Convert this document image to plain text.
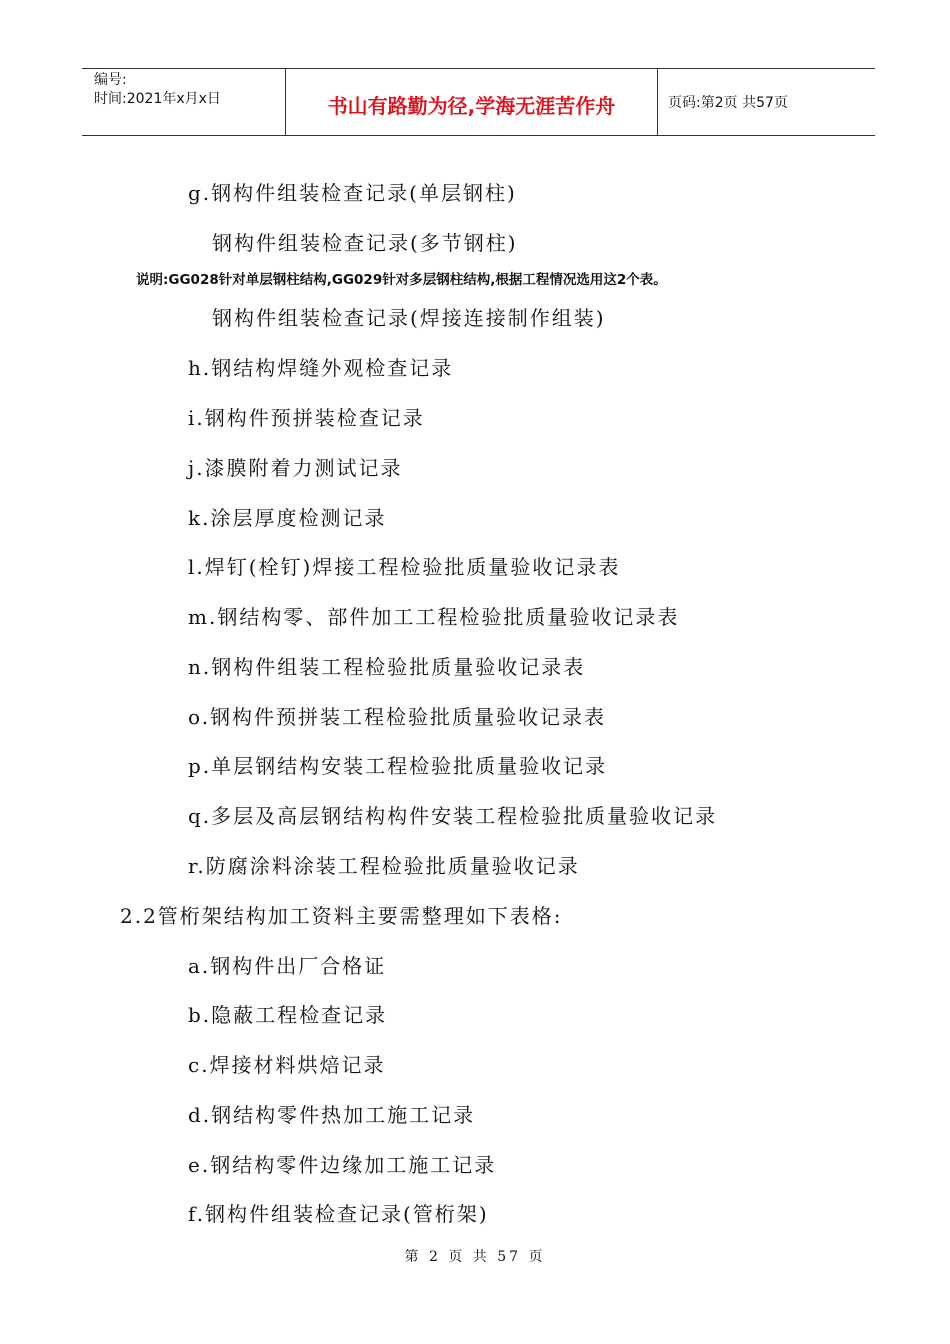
编号:
时间:2021年x月x日	书山有路勤为径,学海无涯苦作舟	页码:第2页 共57页
g.钢构件组装检查记录(单层钢柱)
钢构件组装检查记录(多节钢柱)
说明:GG028针对单层钢柱结构,GG029针对多层钢柱结构,根据工程情况选用这2个表。
钢构件组装检查记录(焊接连接制作组装)
h.钢结构焊缝外观检查记录
i.钢构件预拼装检查记录
j.漆膜附着力测试记录
k.涂层厚度检测记录
l.焊钉(栓钉)焊接工程检验批质量验收记录表
m.钢结构零、部件加工工程检验批质量验收记录表
n.钢构件组装工程检验批质量验收记录表
o.钢构件预拼装工程检验批质量验收记录表
p.单层钢结构安装工程检验批质量验收记录
q.多层及高层钢结构构件安装工程检验批质量验收记录
r.防腐涂料涂装工程检验批质量验收记录
2.2管桁架结构加工资料主要需整理如下表格:
a.钢构件出厂合格证
b.隐蔽工程检查记录
c.焊接材料烘焙记录
d.钢结构零件热加工施工记录
e.钢结构零件边缘加工施工记录
f.钢构件组装检查记录(管桁架)
第 2 页 共 57 页
